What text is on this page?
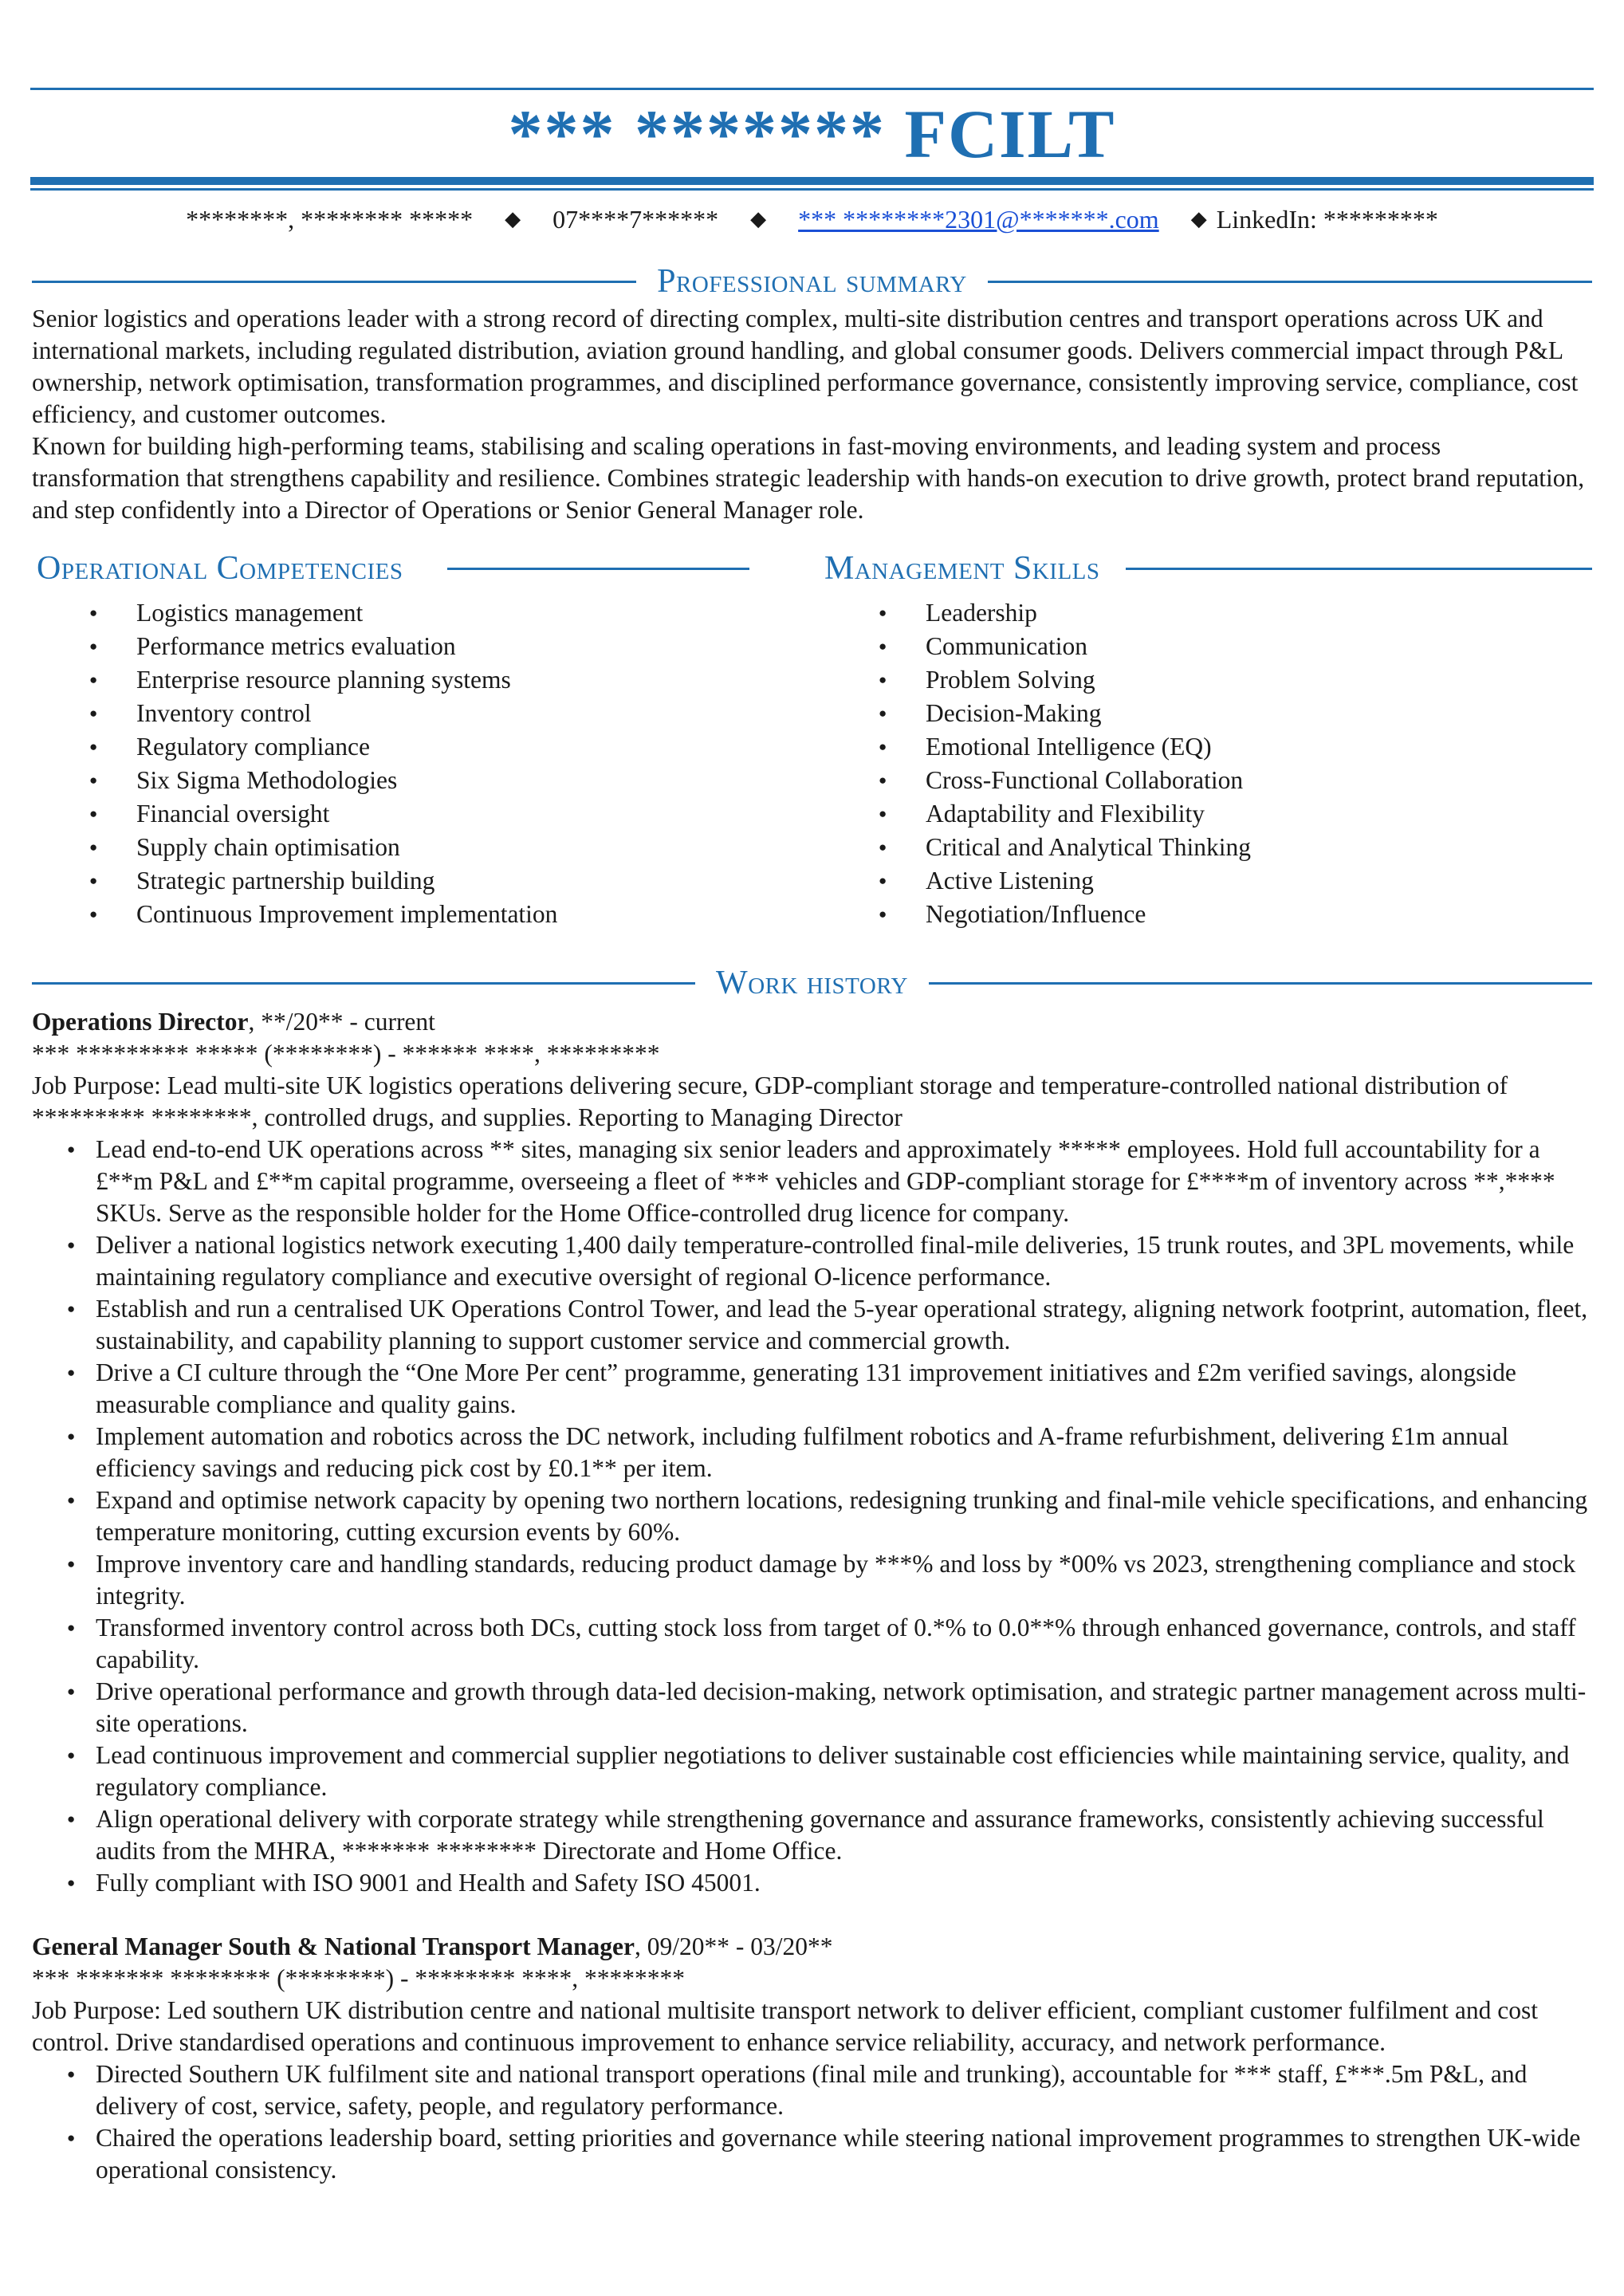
*** ******* FCILT
********, ******** ***** ◆ 07****7****** ◆ *** ********2301@*******.com ◆ LinkedIn: *********
Professional summary
Senior logistics and operations leader with a strong record of directing complex, multi-site distribution centres and transport operations across UK and international markets, including regulated distribution, aviation ground handling, and global consumer goods. Delivers commercial impact through P&L ownership, network optimisation, transformation programmes, and disciplined performance governance, consistently improving service, compliance, cost efficiency, and customer outcomes.
Known for building high-performing teams, stabilising and scaling operations in fast-moving environments, and leading system and process transformation that strengthens capability and resilience. Combines strategic leadership with hands-on execution to drive growth, protect brand reputation, and step confidently into a Director of Operations or Senior General Manager role.
Operational Competencies
● Logistics management
● Performance metrics evaluation
● Enterprise resource planning systems
● Inventory control
● Regulatory compliance
● Six Sigma Methodologies
● Financial oversight
● Supply chain optimisation
● Strategic partnership building
● Continuous Improvement implementation
Management Skills
● Leadership
● Communication
● Problem Solving
● Decision-Making
● Emotional Intelligence (EQ)
● Cross-Functional Collaboration
● Adaptability and Flexibility
● Critical and Analytical Thinking
● Active Listening
● Negotiation/Influence
Work history
Operations Director, **/20** - current
*** ********* ***** (********) - ****** ****, *********
Job Purpose: Lead multi-site UK logistics operations delivering secure, GDP-compliant storage and temperature-controlled national distribution of ********* ********, controlled drugs, and supplies. Reporting to Managing Director
● Lead end-to-end UK operations across ** sites, managing six senior leaders and approximately ***** employees. Hold full accountability for a £**m P&L and £**m capital programme, overseeing a fleet of *** vehicles and GDP-compliant storage for £****m of inventory across **,**** SKUs. Serve as the responsible holder for the Home Office-controlled drug licence for company.
● Deliver a national logistics network executing 1,400 daily temperature-controlled final-mile deliveries, 15 trunk routes, and 3PL movements, while maintaining regulatory compliance and executive oversight of regional O-licence performance.
● Establish and run a centralised UK Operations Control Tower, and lead the 5-year operational strategy, aligning network footprint, automation, fleet, sustainability, and capability planning to support customer service and commercial growth.
● Drive a CI culture through the “One More Per cent” programme, generating 131 improvement initiatives and £2m verified savings, alongside measurable compliance and quality gains.
● Implement automation and robotics across the DC network, including fulfilment robotics and A-frame refurbishment, delivering £1m annual efficiency savings and reducing pick cost by £0.1** per item.
● Expand and optimise network capacity by opening two northern locations, redesigning trunking and final-mile vehicle specifications, and enhancing temperature monitoring, cutting excursion events by 60%.
● Improve inventory care and handling standards, reducing product damage by ***% and loss by *00% vs 2023, strengthening compliance and stock integrity.
● Transformed inventory control across both DCs, cutting stock loss from target of 0.*% to 0.0**% through enhanced governance, controls, and staff capability.
● Drive operational performance and growth through data-led decision-making, network optimisation, and strategic partner management across multi-site operations.
● Lead continuous improvement and commercial supplier negotiations to deliver sustainable cost efficiencies while maintaining service, quality, and regulatory compliance.
● Align operational delivery with corporate strategy while strengthening governance and assurance frameworks, consistently achieving successful audits from the MHRA, ******* ******** Directorate and Home Office.
● Fully compliant with ISO 9001 and Health and Safety ISO 45001.
General Manager South & National Transport Manager, 09/20** - 03/20**
*** ******* ******** (********) - ******** ****, ********
Job Purpose: Led southern UK distribution centre and national multisite transport network to deliver efficient, compliant customer fulfilment and cost control. Drive standardised operations and continuous improvement to enhance service reliability, accuracy, and network performance.
● Directed Southern UK fulfilment site and national transport operations (final mile and trunking), accountable for *** staff, £***.5m P&L, and delivery of cost, service, safety, people, and regulatory performance.
● Chaired the operations leadership board, setting priorities and governance while steering national improvement programmes to strengthen UK-wide operational consistency.
